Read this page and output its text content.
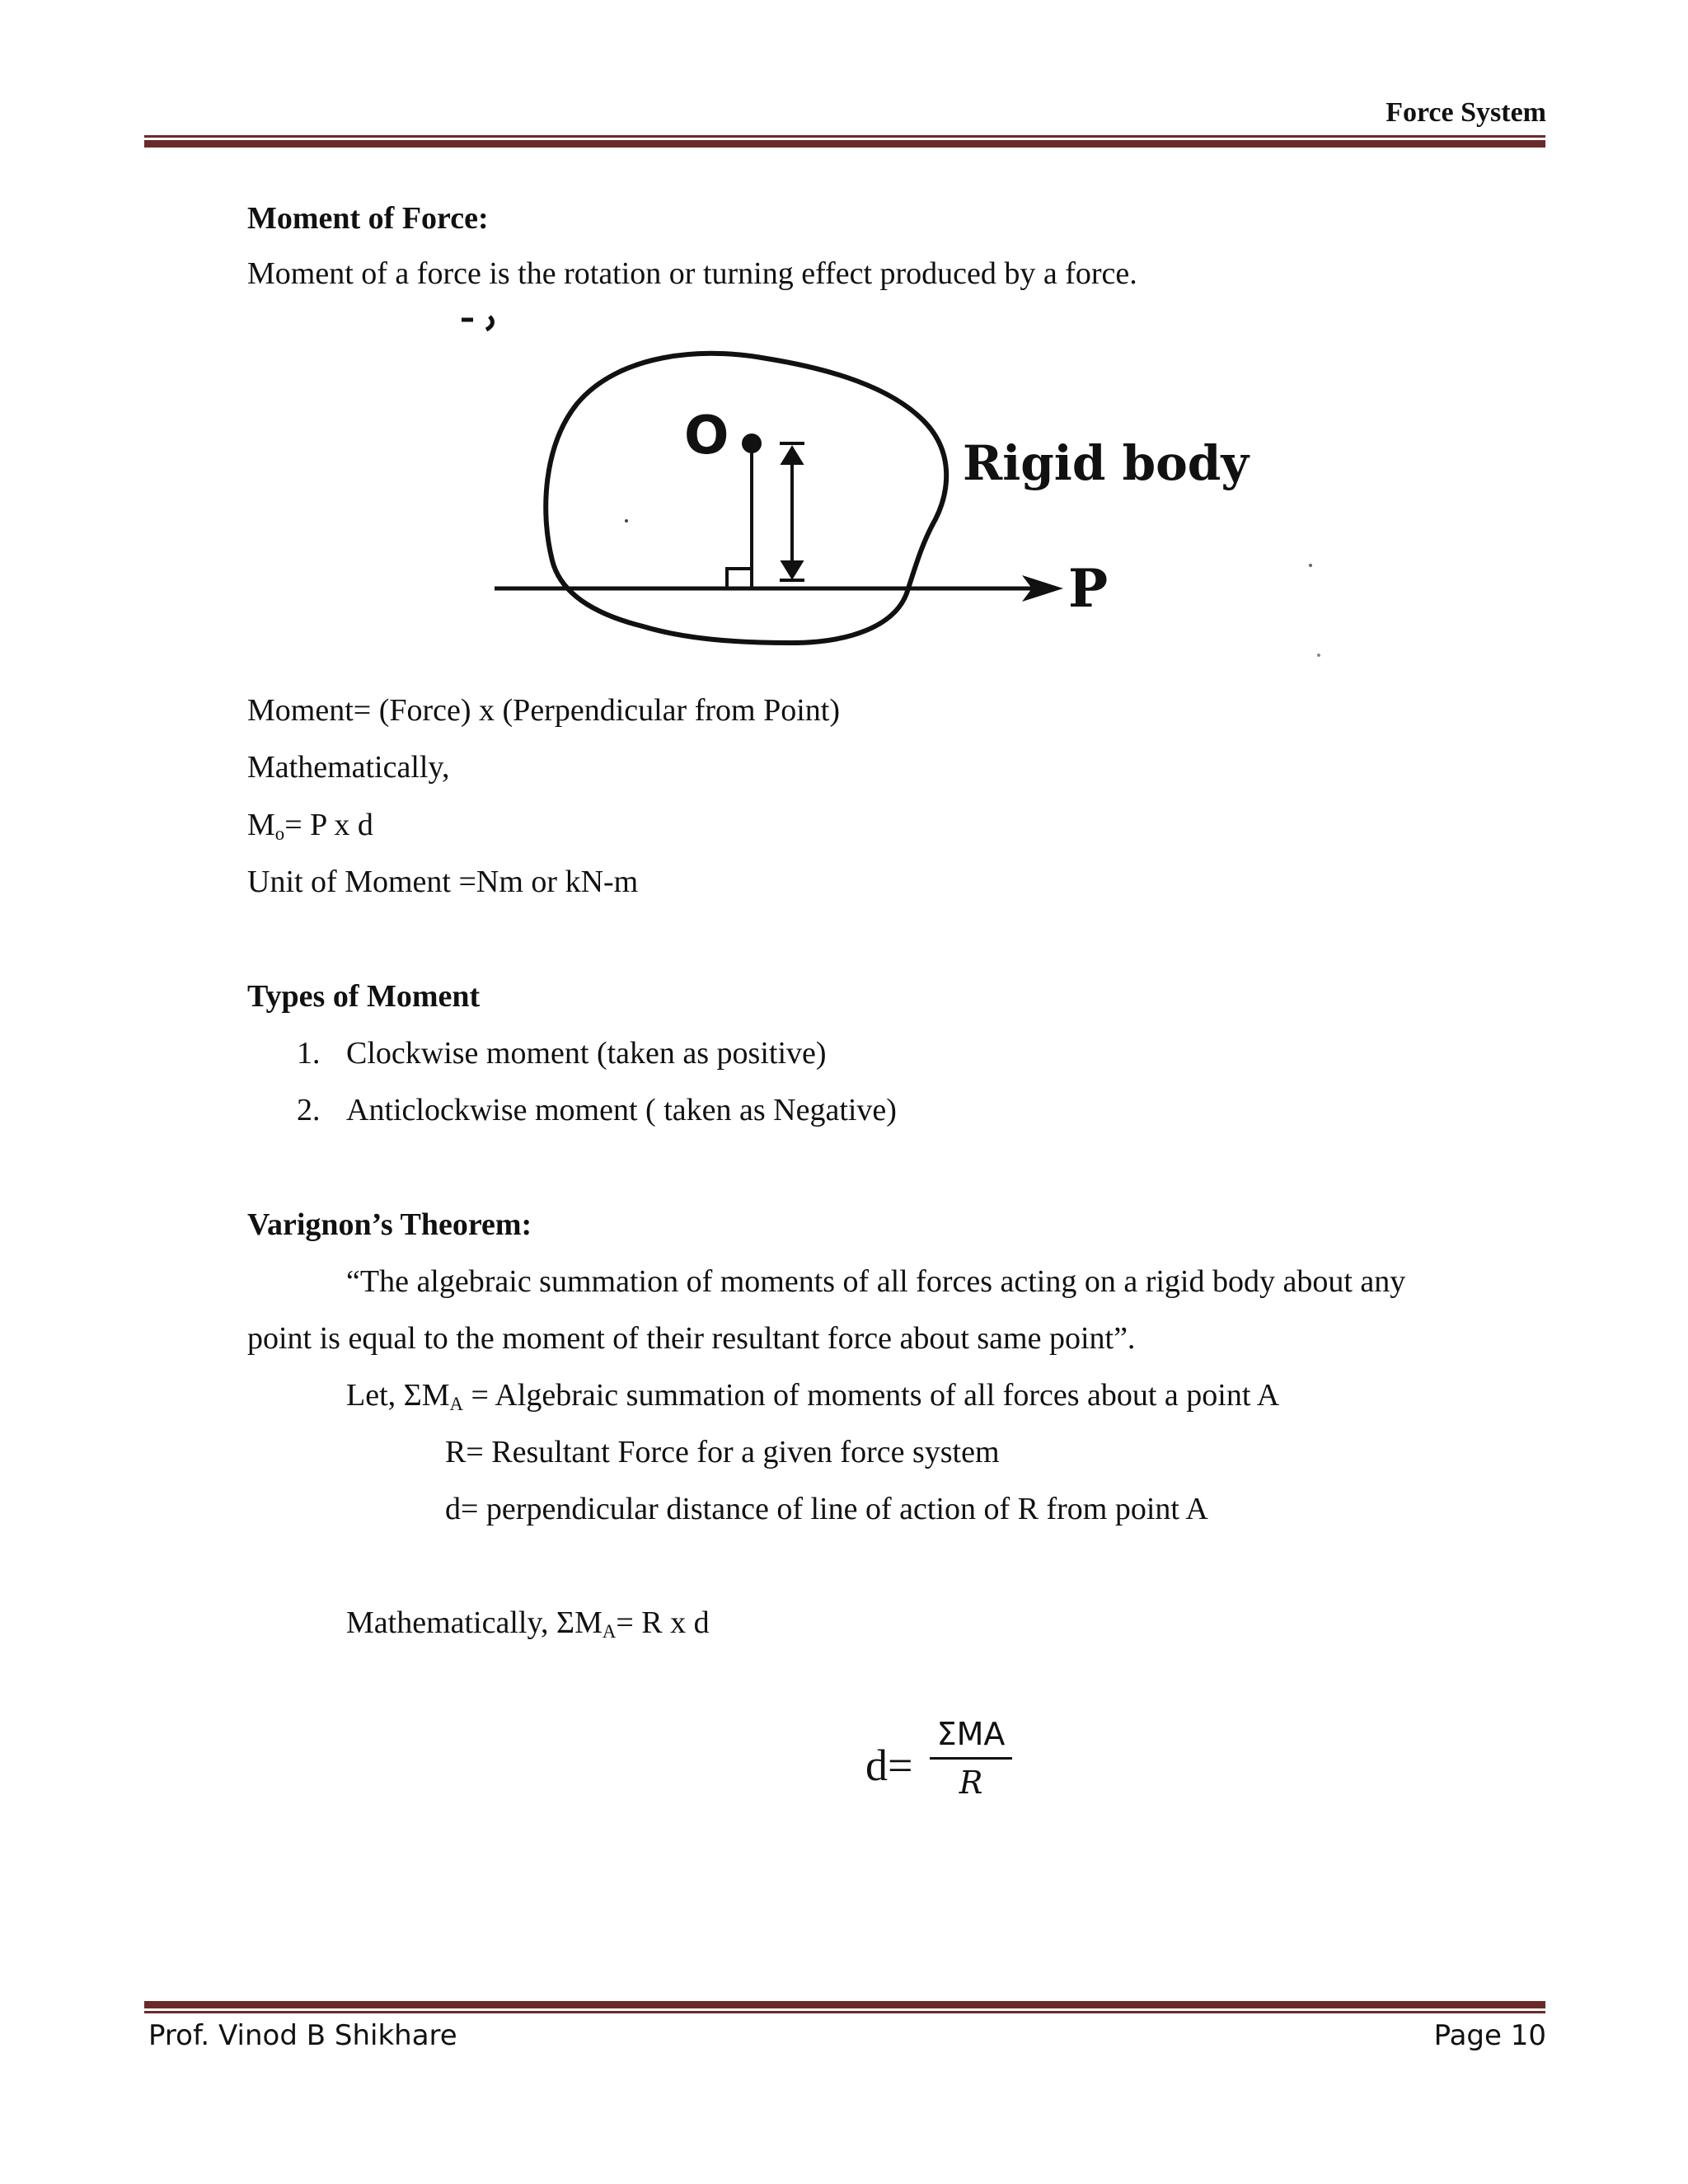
Force System
Moment of Force:
Moment of a force is the rotation or turning effect produced by a force.
O	Rigid body
P
Moment= (Force) x (Perpendicular from Point)
Mathematically,
$M_o= P$ x d
Unit of Moment =Nm or kN-m
Types of Moment
1. Clockwise moment (taken as positive)
2. Anticlockwise moment ( taken as Negative)
Varignon’s Theorem:
“The algebraic summation of moments of all forces acting on a rigid body about any
point is equal to the moment of their resultant force about same point”.
Let, $\Sigma M_A$ = Algebraic summation of moments of all forces about a point A
R= Resultant Force for a given force system
d= perpendicular distance of line of action of R from point A
Mathematically, $\Sigma M_A= R$ x d
d=
ΣMA
R
Prof. Vinod B Shikhare	Page 10
